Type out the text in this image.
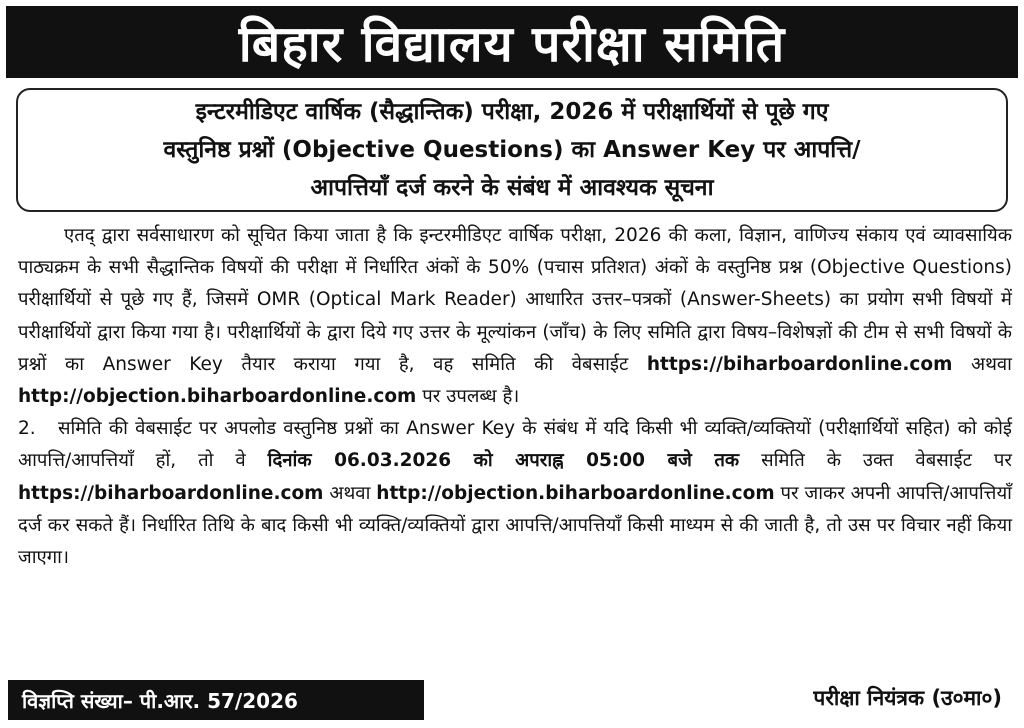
बिहार विद्यालय परीक्षा समिति
इन्टरमीडिएट वार्षिक (सैद्धान्तिक) परीक्षा, 2026 में परीक्षार्थियों से पूछे गए
वस्तुनिष्ठ प्रश्नों (Objective Questions) का Answer Key पर आपत्ति/
आपत्तियाँ दर्ज करने के संबंध में आवश्यक सूचना

एतद् द्वारा सर्वसाधारण को सूचित किया जाता है कि इन्टरमीडिएट वार्षिक परीक्षा, 2026 की कला, विज्ञान, वाणिज्य संकाय एवं व्यावसायिक पाठ्यक्रम के सभी सैद्धान्तिक विषयों की परीक्षा में निर्धारित अंकों के 50% (पचास प्रतिशत) अंकों के वस्तुनिष्ठ प्रश्न (Objective Questions) परीक्षार्थियों से पूछे गए हैं, जिसमें OMR (Optical Mark Reader) आधारित उत्तर–पत्रकों (Answer-Sheets) का प्रयोग सभी विषयों में परीक्षार्थियों द्वारा किया गया है। परीक्षार्थियों के द्वारा दिये गए उत्तर के मूल्यांकन (जाँच) के लिए समिति द्वारा विषय–विशेषज्ञों की टीम से सभी विषयों के प्रश्नों का Answer Key तैयार कराया गया है, वह समिति की वेबसाईट https://biharboardonline.com अथवा http://objection.biharboardonline.com पर उपलब्ध है।

2. समिति की वेबसाईट पर अपलोड वस्तुनिष्ठ प्रश्नों का Answer Key के संबंध में यदि किसी भी व्यक्ति/व्यक्तियों (परीक्षार्थियों सहित) को कोई आपत्ति/आपत्तियाँ हों, तो वे दिनांक 06.03.2026 को अपराह्न 05:00 बजे तक समिति के उक्त वेबसाईट पर https://biharboardonline.com अथवा http://objection.biharboardonline.com पर जाकर अपनी आपत्ति/आपत्तियाँ दर्ज कर सकते हैं। निर्धारित तिथि के बाद किसी भी व्यक्ति/व्यक्तियों द्वारा आपत्ति/आपत्तियाँ किसी माध्यम से की जाती है, तो उस पर विचार नहीं किया जाएगा।

विज्ञप्ति संख्या– पी.आर. 57/2026	परीक्षा नियंत्रक (उ०मा०)
